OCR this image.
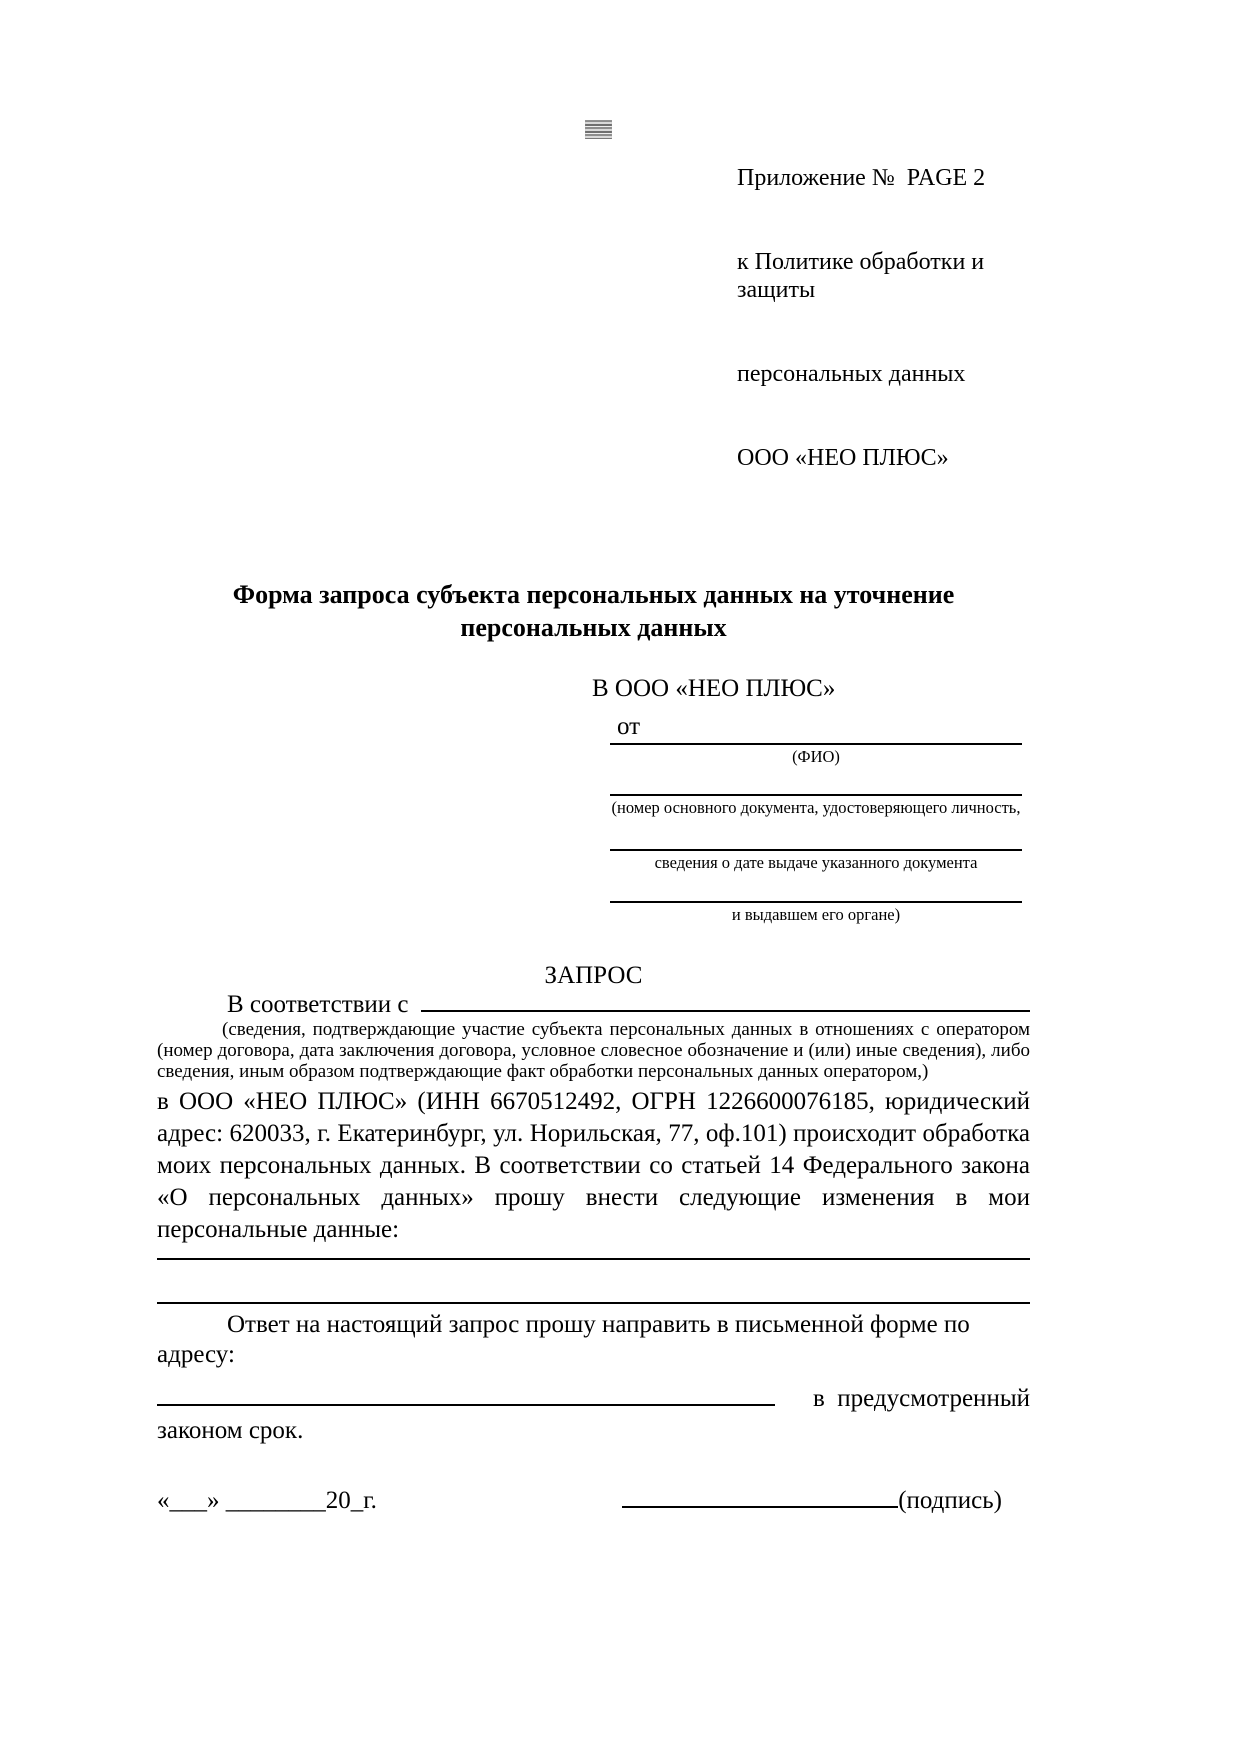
Приложение №  PAGE 2

к Политике обработки и защиты

персональных данных

ООО «НЕО ПЛЮС»

Форма запроса субъекта персональных данных на уточнение персональных данных
В ООО «НЕО ПЛЮС»
от
(ФИО)
(номер основного документа, удостоверяющего личность,
сведения о дате выдаче указанного документа
и выдавшем его органе)
ЗАПРОС
В соответствии с
(сведения, подтверждающие участие субъекта персональных данных в отношениях с оператором (номер договора, дата заключения договора, условное словесное обозначение и (или) иные сведения), либо сведения, иным образом подтверждающие факт обработки персональных данных оператором,)
в ООО «НЕО ПЛЮС» (ИНН 6670512492, ОГРН 1226600076185, юридический адрес: 620033, г. Екатеринбург, ул. Норильская, 77, оф.101) происходит обработка моих персональных данных. В соответствии со статьей 14 Федерального закона «О персональных данных» прошу внести следующие изменения в мои персональные данные:
Ответ на настоящий запрос прошу направить в письменной форме по адресу:
в предусмотренный
законом срок.
«___» ________20_г.	(подпись)
